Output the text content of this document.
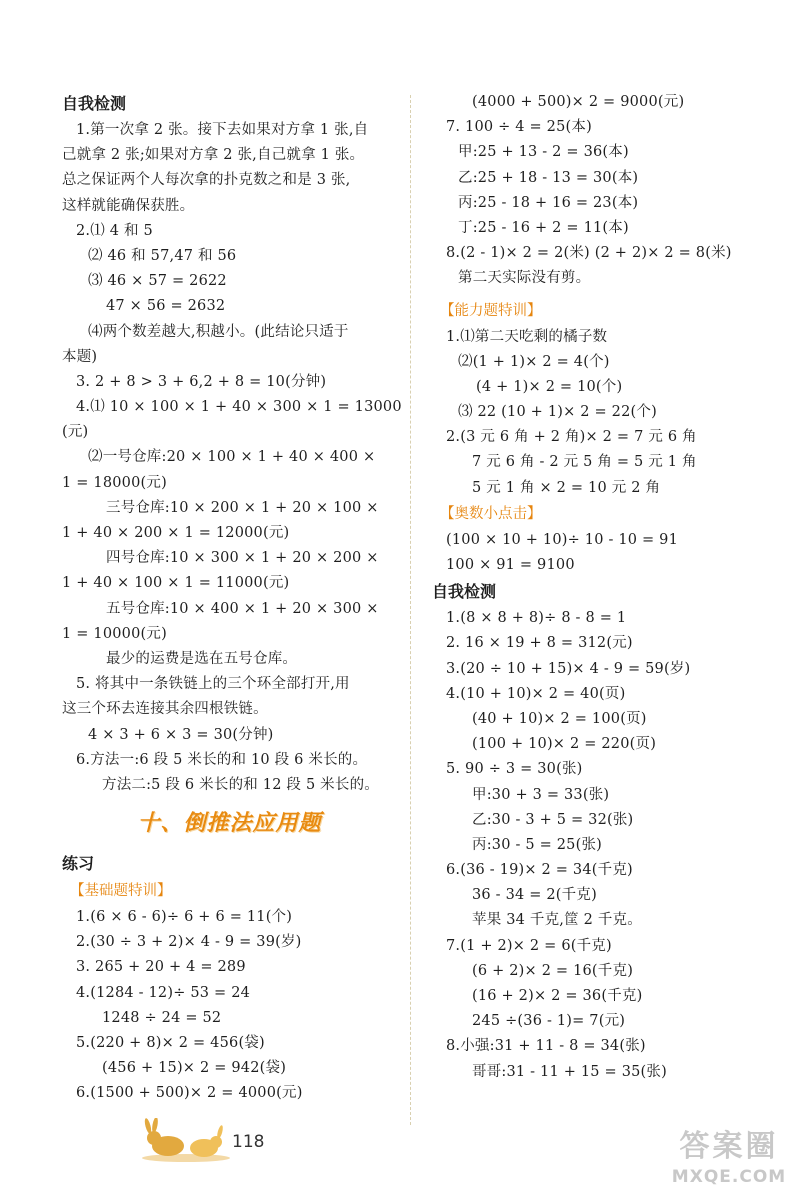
自我检测
1.第一次拿 2 张。接下去如果对方拿 1 张,自
己就拿 2 张;如果对方拿 2 张,自己就拿 1 张。
总之保证两个人每次拿的扑克数之和是 3 张,
这样就能确保获胜。
2.⑴ 4 和 5
⑵ 46 和 57,47 和 56
⑶ 46 × 57 = 2622
47 × 56 = 2632
⑷两个数差越大,积越小。(此结论只适于
本题)
3. 2 + 8 > 3 + 6,2 + 8 = 10(分钟)
4.⑴ 10 × 100 × 1 + 40 × 300 × 1 = 13000
(元)
⑵一号仓库:20 × 100 × 1 + 40 × 400 ×
1 = 18000(元)
三号仓库:10 × 200 × 1 + 20 × 100 ×
1 + 40 × 200 × 1 = 12000(元)
四号仓库:10 × 300 × 1 + 20 × 200 ×
1 + 40 × 100 × 1 = 11000(元)
五号仓库:10 × 400 × 1 + 20 × 300 ×
1 = 10000(元)
最少的运费是选在五号仓库。
5. 将其中一条铁链上的三个环全部打开,用
这三个环去连接其余四根铁链。
4 × 3 + 6 × 3 = 30(分钟)
6.方法一:6 段 5 米长的和 10 段 6 米长的。
方法二:5 段 6 米长的和 12 段 5 米长的。
十、倒推法应用题
练习
【基础题特训】
1.(6 × 6 - 6)÷ 6 + 6 = 11(个)
2.(30 ÷ 3 + 2)× 4 - 9 = 39(岁)
3. 265 + 20 + 4 = 289
4.(1284 - 12)÷ 53 = 24
1248 ÷ 24 = 52
5.(220 + 8)× 2 = 456(袋)
(456 + 15)× 2 = 942(袋)
6.(1500 + 500)× 2 = 4000(元)
(4000 + 500)× 2 = 9000(元)
7. 100 ÷ 4 = 25(本)
甲:25 + 13 - 2 = 36(本)
乙:25 + 18 - 13 = 30(本)
丙:25 - 18 + 16 = 23(本)
丁:25 - 16 + 2 = 11(本)
8.(2 - 1)× 2 = 2(米) (2 + 2)× 2 = 8(米)
第二天实际没有剪。
【能力题特训】
1.⑴第二天吃剩的橘子数
⑵(1 + 1)× 2 = 4(个)
(4 + 1)× 2 = 10(个)
⑶ 22 (10 + 1)× 2 = 22(个)
2.(3 元 6 角 + 2 角)× 2 = 7 元 6 角
7 元 6 角 - 2 元 5 角 = 5 元 1 角
5 元 1 角 × 2 = 10 元 2 角
【奥数小点击】
(100 × 10 + 10)÷ 10 - 10 = 91
100 × 91 = 9100
自我检测
1.(8 × 8 + 8)÷ 8 - 8 = 1
2. 16 × 19 + 8 = 312(元)
3.(20 ÷ 10 + 15)× 4 - 9 = 59(岁)
4.(10 + 10)× 2 = 40(页)
(40 + 10)× 2 = 100(页)
(100 + 10)× 2 = 220(页)
5. 90 ÷ 3 = 30(张)
甲:30 + 3 = 33(张)
乙:30 - 3 + 5 = 32(张)
丙:30 - 5 = 25(张)
6.(36 - 19)× 2 = 34(千克)
36 - 34 = 2(千克)
苹果 34 千克,筐 2 千克。
7.(1 + 2)× 2 = 6(千克)
(6 + 2)× 2 = 16(千克)
(16 + 2)× 2 = 36(千克)
245 ÷(36 - 1)= 7(元)
8.小强:31 + 11 - 8 = 34(张)
哥哥:31 - 11 + 15 = 35(张)
118	答案圈
MXQE.COM
